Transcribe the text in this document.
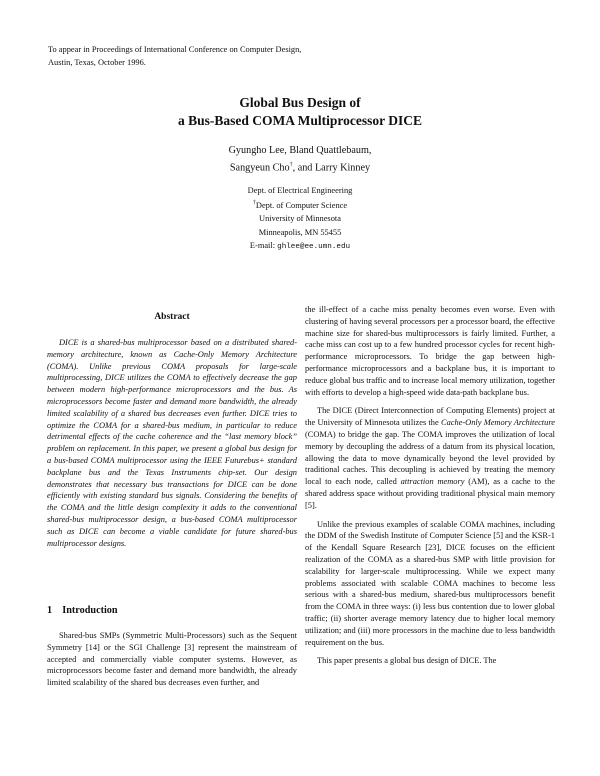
To appear in Proceedings of International Conference on Computer Design, Austin, Texas, October 1996.
Global Bus Design of
a Bus-Based COMA Multiprocessor DICE
Gyungho Lee, Bland Quattlebaum,
Sangyeun Cho†, and Larry Kinney
Dept. of Electrical Engineering
†Dept. of Computer Science
University of Minnesota
Minneapolis, MN 55455
E-mail: ghlee@ee.umn.edu
Abstract
DICE is a shared-bus multiprocessor based on a distributed shared-memory architecture, known as Cache-Only Memory Architecture (COMA). Unlike previous COMA proposals for large-scale multiprocessing, DICE utilizes the COMA to effectively decrease the gap between modern high-performance microprocessors and the bus. As microprocessors become faster and demand more bandwidth, the already limited scalability of a shared bus decreases even further. DICE tries to optimize the COMA for a shared-bus medium, in particular to reduce detrimental effects of the cache coherence and the “last memory block” problem on replacement. In this paper, we present a global bus design for a bus-based COMA multiprocessor using the IEEE Futurebus+ standard backplane bus and the Texas Instruments chip-set. Our design demonstrates that necessary bus transactions for DICE can be done efficiently with existing standard bus signals. Considering the benefits of the COMA and the little design complexity it adds to the conventional shared-bus multiprocessor design, a bus-based COMA multiprocessor such as DICE can become a viable candidate for future shared-bus multiprocessor designs.
1 Introduction
Shared-bus SMPs (Symmetric Multi-Processors) such as the Sequent Symmetry [14] or the SGI Challenge [3] represent the mainstream of accepted and commercially viable computer systems. However, as microprocessors become faster and demand more bandwidth, the already limited scalability of the shared bus decreases even further, and

the ill-effect of a cache miss penalty becomes even worse. Even with clustering of having several processors per a processor board, the effective machine size for shared-bus multiprocessors is fairly limited. Further, a cache miss can cost up to a few hundred processor cycles for recent high-performance microprocessors. To bridge the gap between high-performance microprocessors and a backplane bus, it is important to reduce global bus traffic and to increase local memory utilization, together with efforts to develop a high-speed wide data-path backplane bus.

The DICE (Direct Interconnection of Computing Elements) project at the University of Minnesota utilizes the Cache-Only Memory Architecture (COMA) to bridge the gap. The COMA improves the utilization of local memory by decoupling the address of a datum from its physical location, allowing the data to move dynamically beyond the level provided by traditional caches. This decoupling is achieved by treating the memory local to each node, called attraction memory (AM), as a cache to the shared address space without providing traditional physical main memory [5].

Unlike the previous examples of scalable COMA machines, including the DDM of the Swedish Institute of Computer Science [5] and the KSR-1 of the Kendall Square Research [23], DICE focuses on the efficient realization of the COMA as a shared-bus SMP with little provision for scalability for larger-scale multiprocessing. While we expect many problems associated with scalable COMA machines to become less serious with a shared-bus medium, shared-bus multiprocessors benefit from the COMA in three ways: (i) less bus contention due to lower global traffic; (ii) shorter average memory latency due to higher local memory utilization; and (iii) more processors in the machine due to less bandwidth requirement on the bus.

This paper presents a global bus design of DICE. The
